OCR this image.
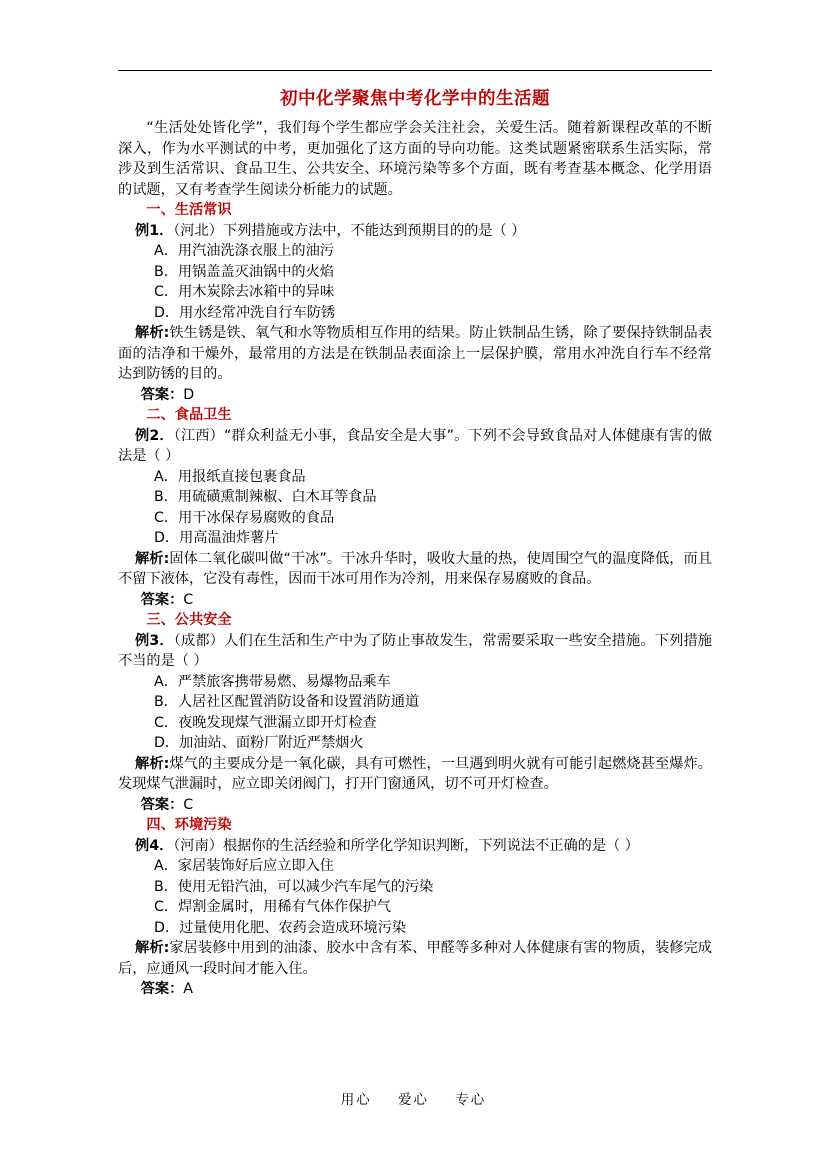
初中化学聚焦中考化学中的生活题

“生活处处皆化学”，我们每个学生都应学会关注社会，关爱生活。随着新课程改革的不断深入，作为水平测试的中考，更加强化了这方面的导向功能。这类试题紧密联系生活实际，常涉及到生活常识、食品卫生、公共安全、环境污染等多个方面，既有考查基本概念、化学用语的试题，又有考查学生阅读分析能力的试题。

一、生活常识

例1．（河北）下列措施或方法中，不能达到预期目的的是（ ）

A．用汽油洗涤衣服上的油污

B．用锅盖盖灭油锅中的火焰

C．用木炭除去冰箱中的异味

D．用水经常冲洗自行车防锈

解析:铁生锈是铁、氧气和水等物质相互作用的结果。防止铁制品生锈，除了要保持铁制品表面的洁净和干燥外，最常用的方法是在铁制品表面涂上一层保护膜，常用水冲洗自行车不经常达到防锈的目的。

答案：D

二、食品卫生

例2．（江西）“群众利益无小事，食品安全是大事”。下列不会导致食品对人体健康有害的做法是（ ）

A．用报纸直接包裹食品

B．用硫磺熏制辣椒、白木耳等食品

C．用干冰保存易腐败的食品

D．用高温油炸薯片

解析:固体二氧化碳叫做“干冰”。干冰升华时，吸收大量的热，使周围空气的温度降低，而且不留下液体，它没有毒性，因而干冰可用作为冷剂，用来保存易腐败的食品。

答案：C

三、公共安全

例3．（成都）人们在生活和生产中为了防止事故发生，常需要采取一些安全措施。下列措施不当的是（ ）

A．严禁旅客携带易燃、易爆物品乘车

B．人居社区配置消防设备和设置消防通道

C．夜晚发现煤气泄漏立即开灯检查

D．加油站、面粉厂附近严禁烟火

解析:煤气的主要成分是一氧化碳，具有可燃性，一旦遇到明火就有可能引起燃烧甚至爆炸。发现煤气泄漏时，应立即关闭阀门，打开门窗通风，切不可开灯检查。

答案：C

四、环境污染

例4．（河南）根据你的生活经验和所学化学知识判断，下列说法不正确的是（ ）

A．家居装饰好后应立即入住

B．使用无铅汽油，可以减少汽车尾气的污染

C．焊割金属时，用稀有气体作保护气

D．过量使用化肥、农药会造成环境污染

解析:家居装修中用到的油漆、胶水中含有苯、甲醛等多种对人体健康有害的物质，装修完成后，应通风一段时间才能入住。

答案：A

用心 爱心 专心
